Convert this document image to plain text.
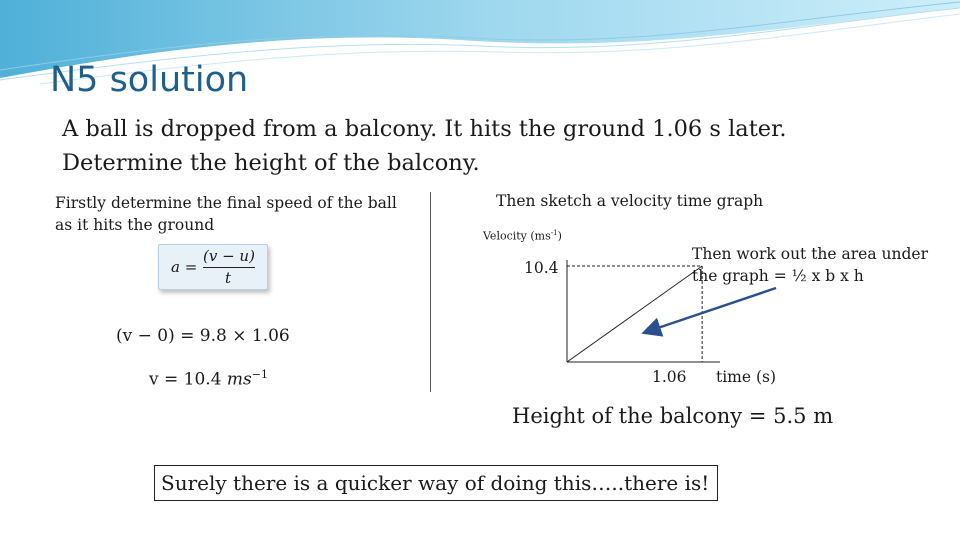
N5 solution
A ball is dropped from a balcony. It hits the ground 1.06 s later.
Determine the height of the balcony.
Firstly determine the final speed of the ball
as it hits the ground
a =
(v − u)
t
(v − 0) = 9.8 × 1.06
v = 10.4 $ms^{-1}$
Then sketch a velocity time graph
Velocity $(ms^{-1})$
10.4
1.06 time (s)
Then work out the area under
the graph = ½ x b x h
Height of the balcony = 5.5 m
Surely there is a quicker way of doing this…..there is!
